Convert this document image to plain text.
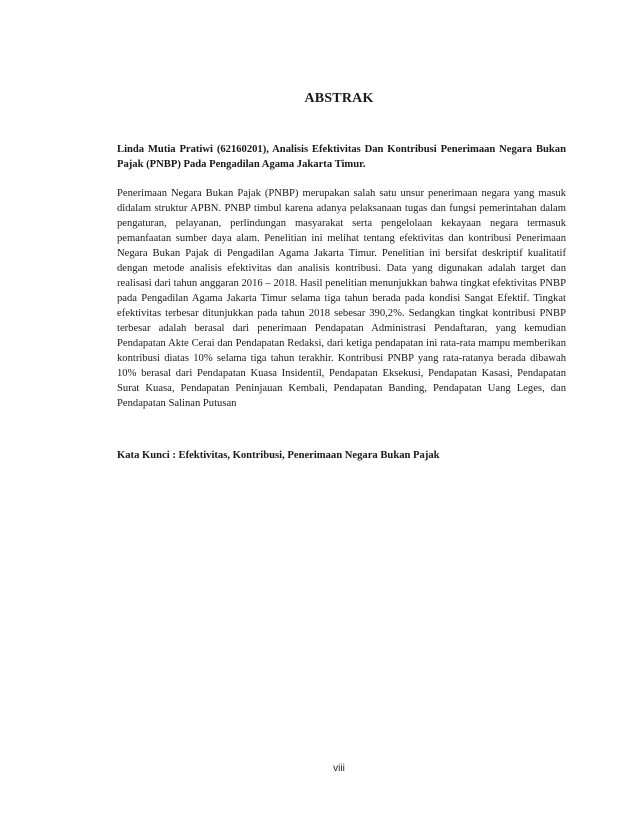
ABSTRAK
Linda Mutia Pratiwi (62160201), Analisis Efektivitas Dan Kontribusi Penerimaan Negara Bukan Pajak (PNBP) Pada Pengadilan Agama Jakarta Timur.
Penerimaan Negara Bukan Pajak (PNBP) merupakan salah satu unsur penerimaan negara yang masuk didalam struktur APBN. PNBP timbul karena adanya pelaksanaan tugas dan fungsi pemerintahan dalam pengaturan, pelayanan, perlindungan masyarakat serta pengelolaan kekayaan negara termasuk pemanfaatan sumber daya alam. Penelitian ini melihat tentang efektivitas dan kontribusi Penerimaan Negara Bukan Pajak di Pengadilan Agama Jakarta Timur. Penelitian ini bersifat deskriptif kualitatif dengan metode analisis efektivitas dan analisis kontribusi. Data yang digunakan adalah target dan realisasi dari tahun anggaran 2016 – 2018. Hasil penelitian menunjukkan bahwa tingkat efektivitas PNBP pada Pengadilan Agama Jakarta Timur selama tiga tahun berada pada kondisi Sangat Efektif. Tingkat efektivitas terbesar ditunjukkan pada tahun 2018 sebesar 390,2%. Sedangkan tingkat kontribusi PNBP terbesar adalah berasal dari penerimaan Pendapatan Administrasi Pendaftaran, yang kemudian Pendapatan Akte Cerai dan Pendapatan Redaksi, dari ketiga pendapatan ini rata-rata mampu memberikan kontribusi diatas 10% selama tiga tahun terakhir. Kontribusi PNBP yang rata-ratanya berada dibawah 10% berasal dari Pendapatan Kuasa Insidentil, Pendapatan Eksekusi, Pendapatan Kasasi, Pendapatan Surat Kuasa, Pendapatan Peninjauan Kembali, Pendapatan Banding, Pendapatan Uang Leges, dan Pendapatan Salinan Putusan
Kata Kunci : Efektivitas, Kontribusi, Penerimaan Negara Bukan Pajak
viii
